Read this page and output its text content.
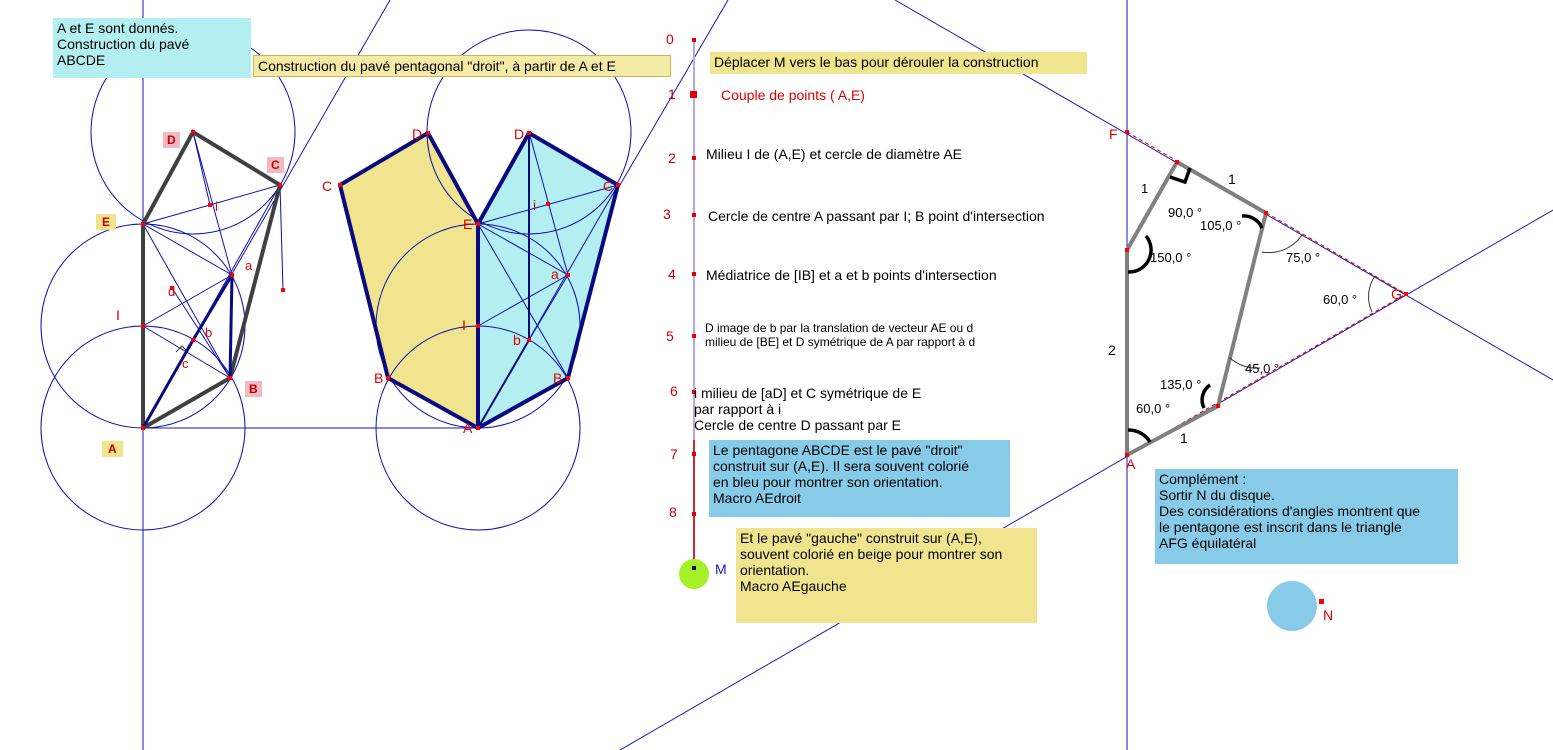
A et E sont donnés.
Construction du pavé
ABCDE	Construction du pavé pentagonal "droit", à partir de A et E	Déplacer M vers le bas pour dérouler la construction
0
1
2
3
4
5
6
7
8
M
Couple de points ( A,E)
Milieu I de (A,E) et cercle de diamètre AE
Cercle de centre A passant par I; B point d'intersection
Médiatrice de [IB] et a et b points d'intersection
D image de b par la translation de vecteur AE ou d
milieu de [BE] et D symétrique de A par rapport à d
i milieu de [aD] et C symétrique de E
par rapport à i
Cercle de centre D passant par E
Le pentagone ABCDE est le pavé "droit"
construit sur (A,E). Il sera souvent colorié
en bleu pour montrer son orientation.
Macro AEdroit
Et le pavé "gauche" construit sur (A,E),
souvent colorié en beige pour montrer son
orientation.
Macro AEgauche
Complément :
Sortir N du disque.
Des considérations d'angles montrent que
le pentagone est inscrit dans le triangle
AFG équilatéral
D
C
E
B
A
i
a
d
b
c
I
C
D	D
C
E
i
a
I
b
B	B
A
F
G
A
N
1
1
1
2
90,0 °
105,0 °
150,0 °	75,0 °
60,0 °
45,0 °
135,0 °
60,0 °
